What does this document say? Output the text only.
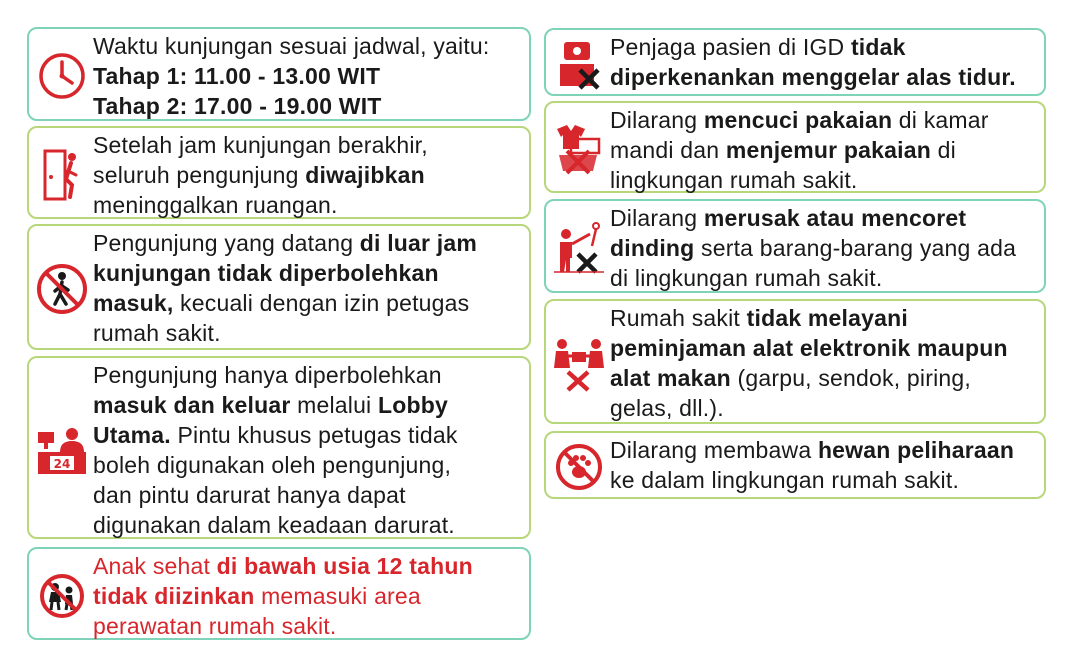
Waktu kunjungan sesuai jadwal, yaitu:
Tahap 1: 11.00 - 13.00 WIT
Tahap 2: 17.00 - 19.00 WIT
Setelah jam kunjungan berakhir,
seluruh pengunjung diwajibkan
meninggalkan ruangan.
Pengunjung yang datang di luar jam
kunjungan tidak diperbolehkan
masuk, kecuali dengan izin petugas
rumah sakit.
24
Pengunjung hanya diperbolehkan
masuk dan keluar melalui Lobby
Utama. Pintu khusus petugas tidak
boleh digunakan oleh pengunjung,
dan pintu darurat hanya dapat
digunakan dalam keadaan darurat.
Anak sehat di bawah usia 12 tahun
tidak diizinkan memasuki area
perawatan rumah sakit.
Penjaga pasien di IGD tidak
diperkenankan menggelar alas tidur.
Dilarang mencuci pakaian di kamar
mandi dan menjemur pakaian di
lingkungan rumah sakit.
Dilarang merusak atau mencoret
dinding serta barang-barang yang ada
di lingkungan rumah sakit.
Rumah sakit tidak melayani
peminjaman alat elektronik maupun
alat makan (garpu, sendok, piring,
gelas, dll.).
Dilarang membawa hewan peliharaan
ke dalam lingkungan rumah sakit.
